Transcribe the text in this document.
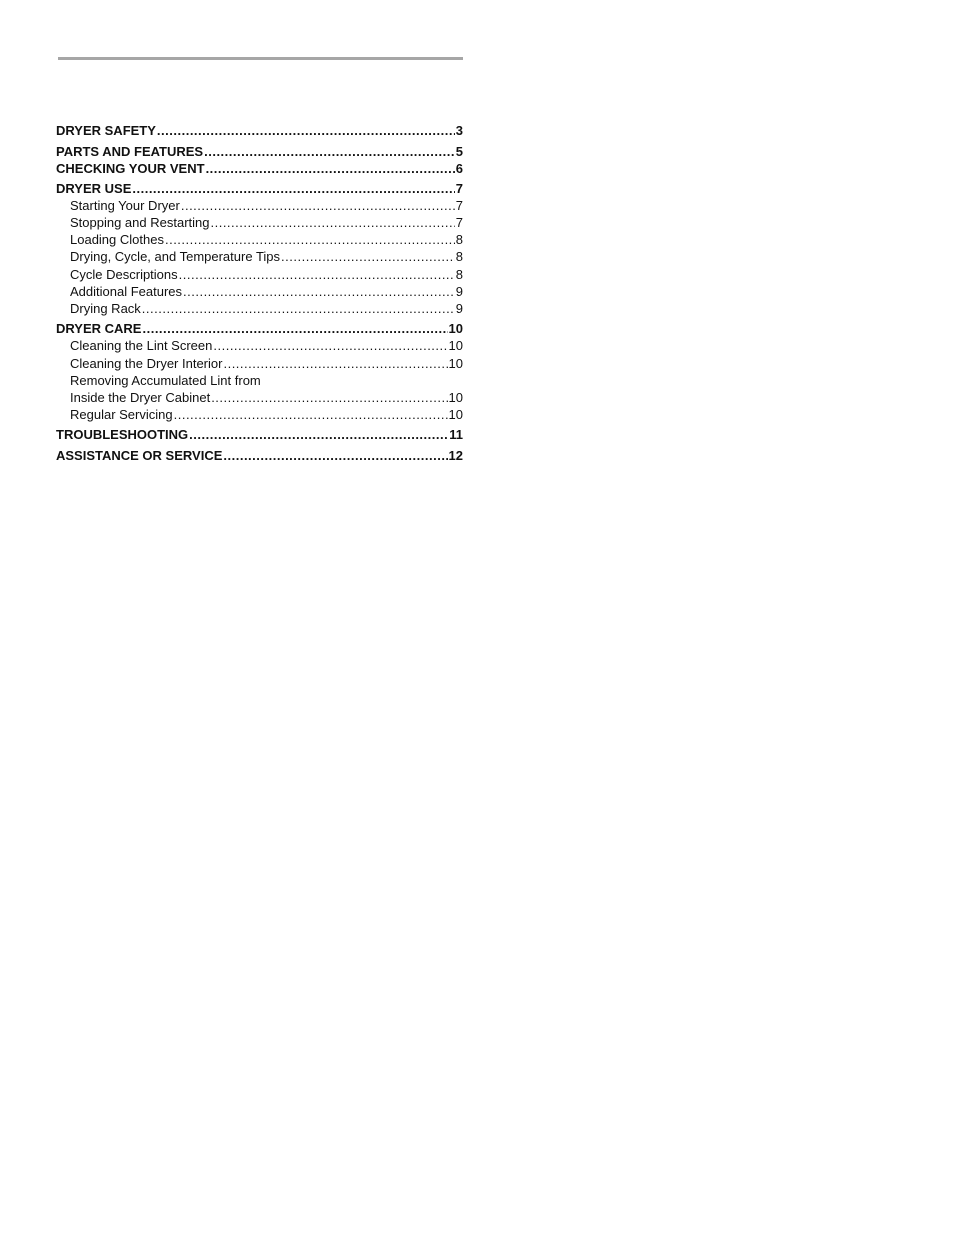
DRYER SAFETY .....	3
PARTS AND FEATURES .....	5
CHECKING YOUR VENT .....	6
DRYER USE .....	7
Starting Your Dryer .....	7
Stopping and Restarting .....	7
Loading Clothes .....	8
Drying, Cycle, and Temperature Tips .....	8
Cycle Descriptions .....	8
Additional Features .....	9
Drying Rack .....	9
DRYER CARE .....	10
Cleaning the Lint Screen .....	10
Cleaning the Dryer Interior .....	10
Removing Accumulated Lint from
Inside the Dryer Cabinet .....	10
Regular Servicing .....	10
TROUBLESHOOTING .....	11
ASSISTANCE OR SERVICE .....	12
